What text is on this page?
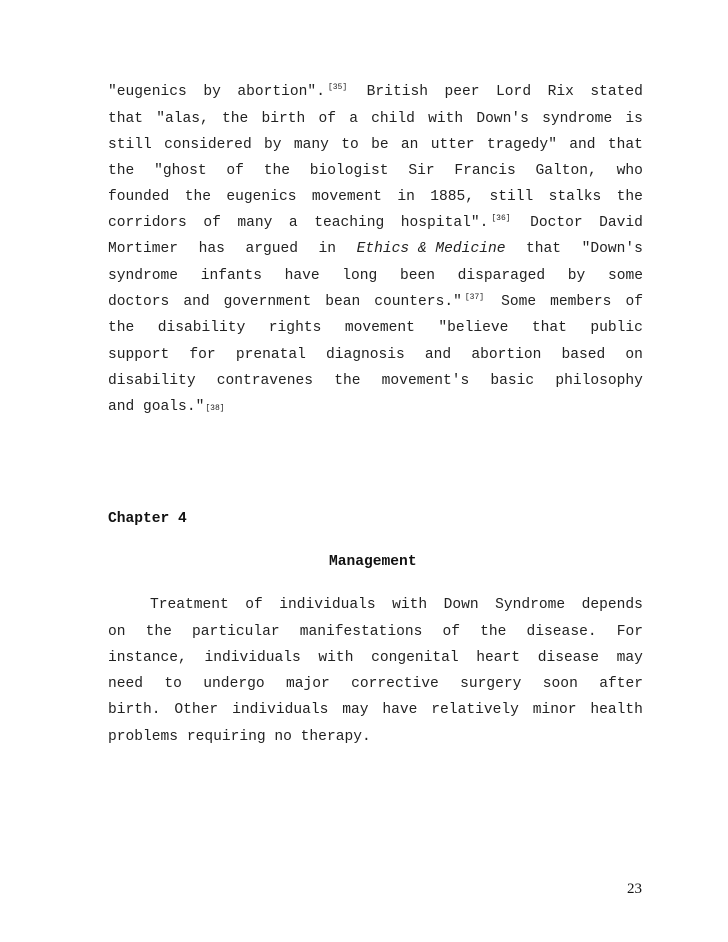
"eugenics by abortion". [35] British peer Lord Rix stated
that "alas, the birth of a child with Down's syndrome is
still considered by many to be an utter tragedy" and that
the "ghost of the biologist Sir Francis Galton, who
founded the eugenics movement in 1885, still stalks the
corridors of many a teaching hospital". [36] Doctor David
Mortimer has argued in Ethics & Medicine that "Down's
syndrome infants have long been disparaged by some
doctors and government bean counters." [37] Some members of
the disability rights movement "believe that public
support for prenatal diagnosis and abortion based on
disability contravenes the movement's basic philosophy
and goals." [38]
Chapter 4
Management
Treatment of individuals with Down Syndrome depends
on the particular manifestations of the disease. For
instance, individuals with congenital heart disease may
need to undergo major corrective surgery soon after
birth. Other individuals may have relatively minor health
problems requiring no therapy.
23
